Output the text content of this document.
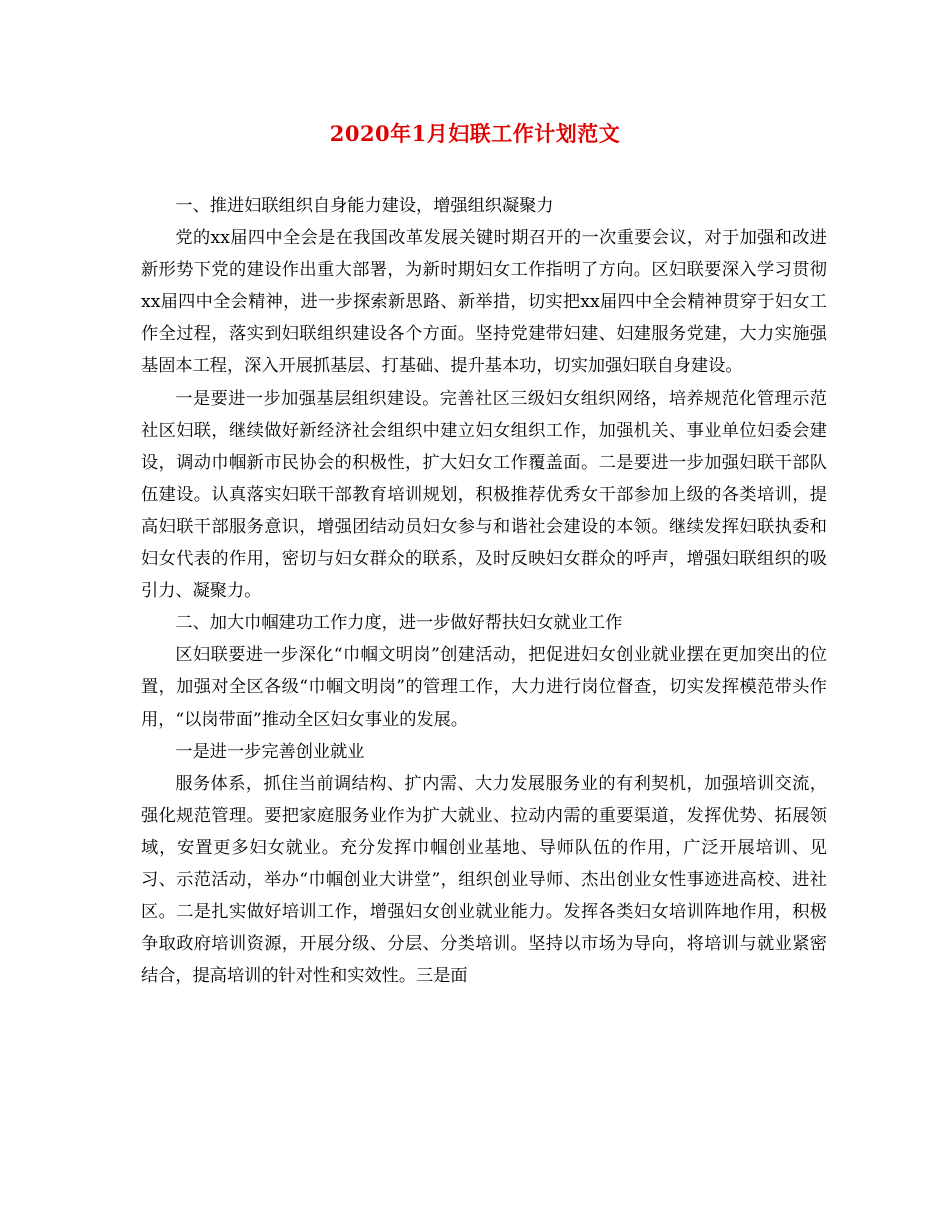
2020年1月妇联工作计划范文

一、推进妇联组织自身能力建设，增强组织凝聚力

党的xx届四中全会是在我国改革发展关键时期召开的一次重要会议，对于加强和改进新形势下党的建设作出重大部署，为新时期妇女工作指明了方向。区妇联要深入学习贯彻xx届四中全会精神，进一步探索新思路、新举措，切实把xx届四中全会精神贯穿于妇女工作全过程，落实到妇联组织建设各个方面。坚持党建带妇建、妇建服务党建，大力实施强基固本工程，深入开展抓基层、打基础、提升基本功，切实加强妇联自身建设。

一是要进一步加强基层组织建设。完善社区三级妇女组织网络，培养规范化管理示范社区妇联，继续做好新经济社会组织中建立妇女组织工作，加强机关、事业单位妇委会建设，调动巾帼新市民协会的积极性，扩大妇女工作覆盖面。二是要进一步加强妇联干部队伍建设。认真落实妇联干部教育培训规划，积极推荐优秀女干部参加上级的各类培训，提高妇联干部服务意识，增强团结动员妇女参与和谐社会建设的本领。继续发挥妇联执委和妇女代表的作用，密切与妇女群众的联系，及时反映妇女群众的呼声，增强妇联组织的吸引力、凝聚力。

二、加大巾帼建功工作力度，进一步做好帮扶妇女就业工作

区妇联要进一步深化“巾帼文明岗”创建活动，把促进妇女创业就业摆在更加突出的位置，加强对全区各级“巾帼文明岗”的管理工作，大力进行岗位督查，切实发挥模范带头作用，“以岗带面”推动全区妇女事业的发展。

一是进一步完善创业就业

服务体系，抓住当前调结构、扩内需、大力发展服务业的有利契机，加强培训交流，强化规范管理。要把家庭服务业作为扩大就业、拉动内需的重要渠道，发挥优势、拓展领域，安置更多妇女就业。充分发挥巾帼创业基地、导师队伍的作用，广泛开展培训、见习、示范活动，举办“巾帼创业大讲堂”，组织创业导师、杰出创业女性事迹进高校、进社区。二是扎实做好培训工作，增强妇女创业就业能力。发挥各类妇女培训阵地作用，积极争取政府培训资源，开展分级、分层、分类培训。坚持以市场为导向，将培训与就业紧密结合，提高培训的针对性和实效性。三是面
